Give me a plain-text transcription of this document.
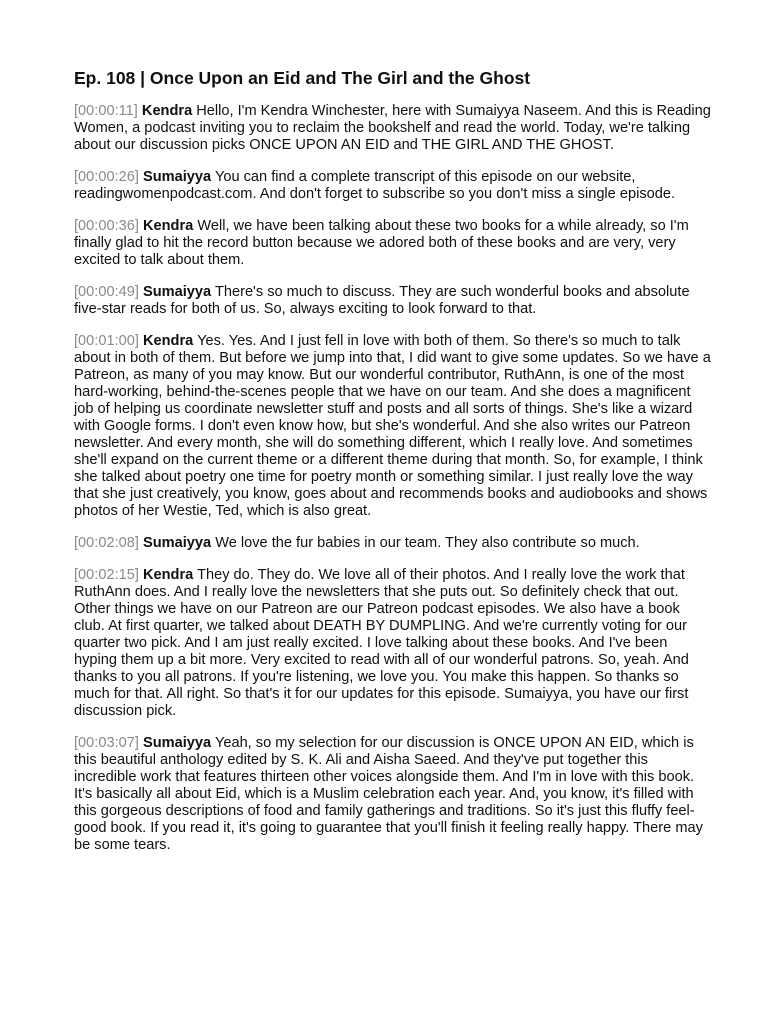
Ep. 108 | Once Upon an Eid and The Girl and the Ghost

[00:00:11] Kendra Hello, I'm Kendra Winchester, here with Sumaiyya Naseem. And this is Reading Women, a podcast inviting you to reclaim the bookshelf and read the world. Today, we're talking about our discussion picks ONCE UPON AN EID and THE GIRL AND THE GHOST.

[00:00:26] Sumaiyya You can find a complete transcript of this episode on our website, readingwomenpodcast.com. And don't forget to subscribe so you don't miss a single episode.

[00:00:36] Kendra Well, we have been talking about these two books for a while already, so I'm finally glad to hit the record button because we adored both of these books and are very, very excited to talk about them.

[00:00:49] Sumaiyya There's so much to discuss. They are such wonderful books and absolute five-star reads for both of us. So, always exciting to look forward to that.

[00:01:00] Kendra Yes. Yes. And I just fell in love with both of them. So there's so much to talk about in both of them. But before we jump into that, I did want to give some updates. So we have a Patreon, as many of you may know. But our wonderful contributor, RuthAnn, is one of the most hard-working, behind-the-scenes people that we have on our team. And she does a magnificent job of helping us coordinate newsletter stuff and posts and all sorts of things. She's like a wizard with Google forms. I don't even know how, but she's wonderful. And she also writes our Patreon newsletter. And every month, she will do something different, which I really love. And sometimes she'll expand on the current theme or a different theme during that month. So, for example, I think she talked about poetry one time for poetry month or something similar. I just really love the way that she just creatively, you know, goes about and recommends books and audiobooks and shows photos of her Westie, Ted, which is also great.

[00:02:08] Sumaiyya We love the fur babies in our team. They also contribute so much.

[00:02:15] Kendra They do. They do. We love all of their photos. And I really love the work that RuthAnn does. And I really love the newsletters that she puts out. So definitely check that out. Other things we have on our Patreon are our Patreon podcast episodes. We also have a book club. At first quarter, we talked about DEATH BY DUMPLING. And we're currently voting for our quarter two pick. And I am just really excited. I love talking about these books. And I've been hyping them up a bit more. Very excited to read with all of our wonderful patrons. So, yeah. And thanks to you all patrons. If you're listening, we love you. You make this happen. So thanks so much for that. All right. So that's it for our updates for this episode. Sumaiyya, you have our first discussion pick.

[00:03:07] Sumaiyya Yeah, so my selection for our discussion is ONCE UPON AN EID, which is this beautiful anthology edited by S. K. Ali and Aisha Saeed. And they've put together this incredible work that features thirteen other voices alongside them. And I'm in love with this book. It's basically all about Eid, which is a Muslim celebration each year. And, you know, it's filled with this gorgeous descriptions of food and family gatherings and traditions. So it's just this fluffy feel-good book. If you read it, it's going to guarantee that you'll finish it feeling really happy. There may be some tears.
